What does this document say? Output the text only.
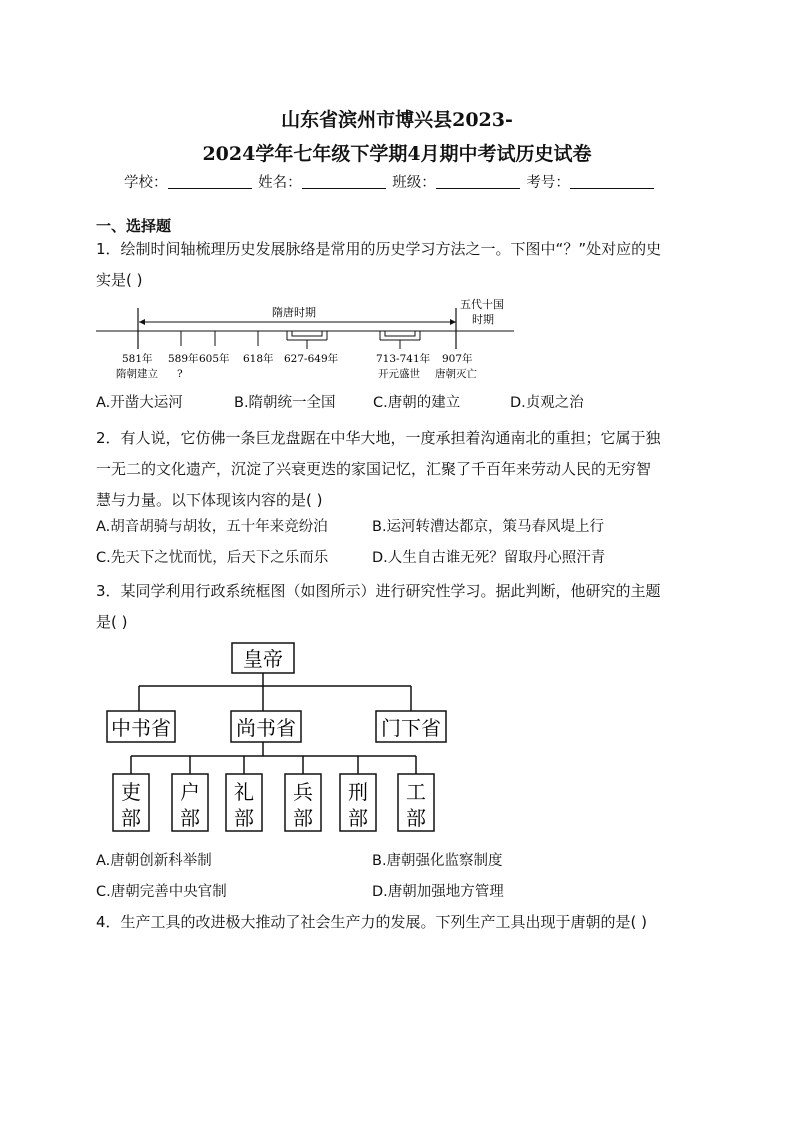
山东省滨州市博兴县2023-
2024学年七年级下学期4月期中考试历史试卷
学校：	姓名：	班级：	考号：
一、选择题
1．绘制时间轴梳理历史发展脉络是常用的历史学习方法之一。下图中“？”处对应的史
实是( )
隋唐时期
五代十国
时期
581年 589年 605年 618年 627-649年	713-741年 907年
隋朝建立 ?	开元盛世 唐朝灭亡
A.开凿大运河	B.隋朝统一全国	C.唐朝的建立	D.贞观之治
2．有人说，它仿佛一条巨龙盘踞在中华大地，一度承担着沟通南北的重担；它属于独
一无二的文化遗产，沉淀了兴衰更迭的家国记忆，汇聚了千百年来劳动人民的无穷智
慧与力量。以下体现该内容的是( )
A.胡音胡骑与胡妆，五十年来竞纷泊	B.运河转漕达都京，策马春风堤上行
C.先天下之忧而忧，后天下之乐而乐	D.人生自古谁无死？留取丹心照汗青
3．某同学利用行政系统框图（如图所示）进行研究性学习。据此判断，他研究的主题
是( )
皇帝
中书省	尚书省	门下省
吏
部
户
部
礼
部
兵
部
刑
部
工
部
A.唐朝创新科举制	B.唐朝强化监察制度
C.唐朝完善中央官制	D.唐朝加强地方管理
4．生产工具的改进极大推动了社会生产力的发展。下列生产工具出现于唐朝的是( )
